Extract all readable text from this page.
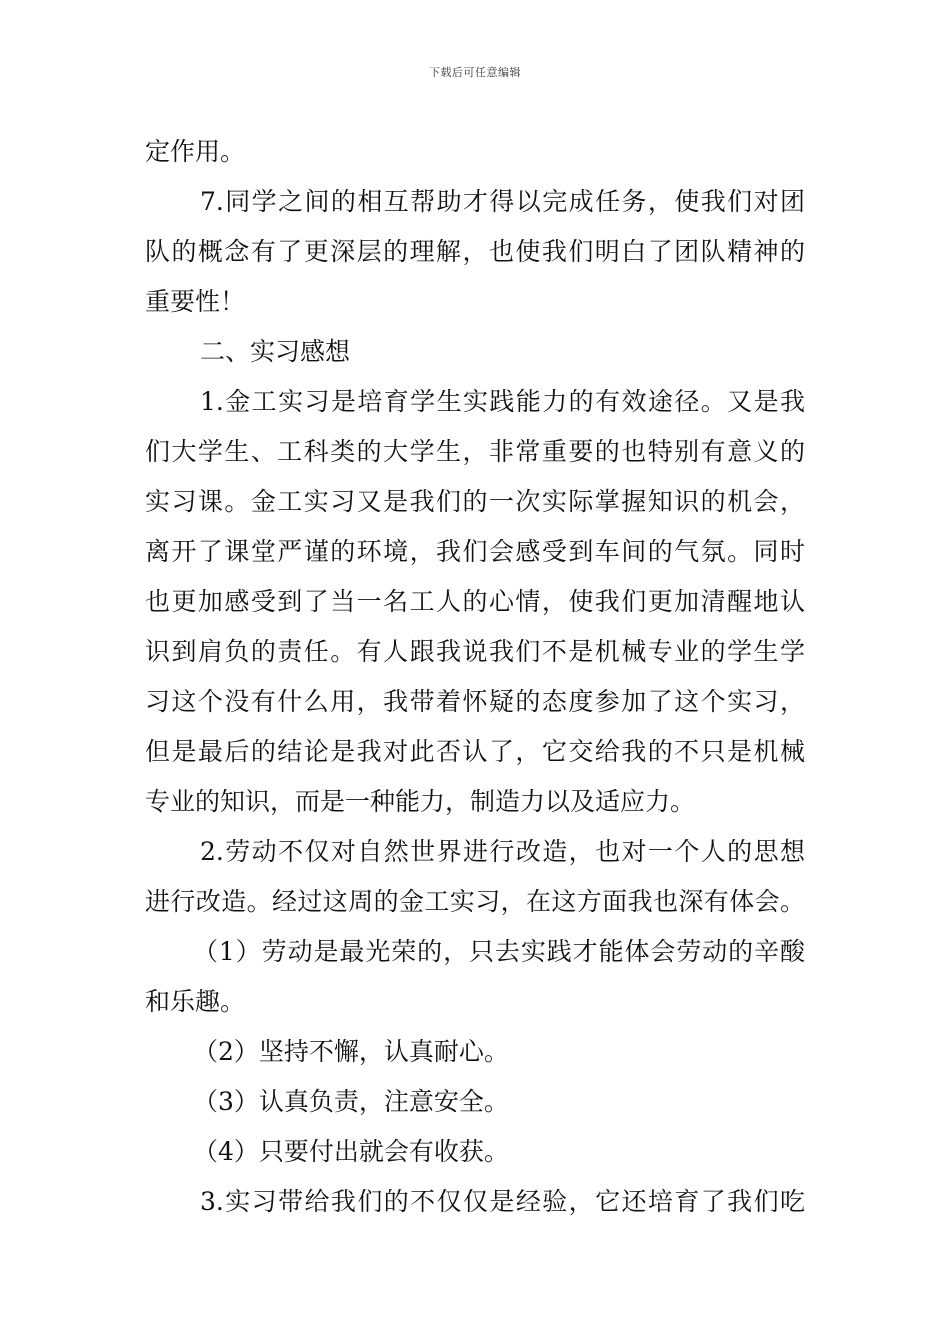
下载后可任意编辑
定作用。
7.同学之间的相互帮助才得以完成任务，使我们对团
队的概念有了更深层的理解，也使我们明白了团队精神的
重要性！
二、实习感想
1.金工实习是培育学生实践能力的有效途径。又是我
们大学生、工科类的大学生，非常重要的也特别有意义的
实习课。金工实习又是我们的一次实际掌握知识的机会，
离开了课堂严谨的环境，我们会感受到车间的气氛。同时
也更加感受到了当一名工人的心情，使我们更加清醒地认
识到肩负的责任。有人跟我说我们不是机械专业的学生学
习这个没有什么用，我带着怀疑的态度参加了这个实习，
但是最后的结论是我对此否认了，它交给我的不只是机械
专业的知识，而是一种能力，制造力以及适应力。
2.劳动不仅对自然世界进行改造，也对一个人的思想
进行改造。经过这周的金工实习，在这方面我也深有体会。
（1）劳动是最光荣的，只去实践才能体会劳动的辛酸
和乐趣。
（2）坚持不懈，认真耐心。
（3）认真负责，注意安全。
（4）只要付出就会有收获。
3.实习带给我们的不仅仅是经验，它还培育了我们吃
